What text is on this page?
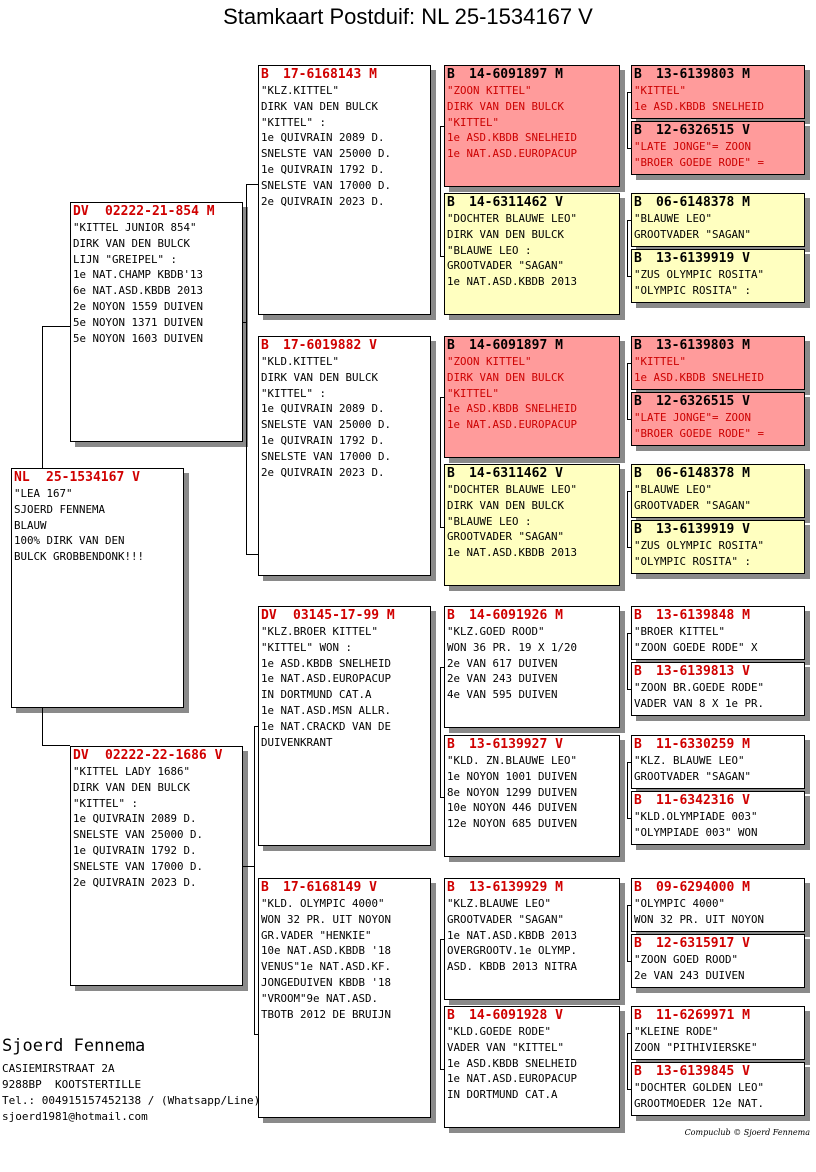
Stamkaart Postduif: NL 25-1534167 V
NL	25-1534167 V
"LEA 167"
SJOERD FENNEMA
BLAUW
100% DIRK VAN DEN
BULCK GROBBENDONK!!!
DV	02222-21-854 M
"KITTEL JUNIOR 854"
DIRK VAN DEN BULCK
LIJN "GREIPEL" :
1e NAT.CHAMP KBDB'13
6e NAT.ASD.KBDB 2013
2e NOYON 1559 DUIVEN
5e NOYON 1371 DUIVEN
5e NOYON 1603 DUIVEN
DV	02222-22-1686 V
"KITTEL LADY 1686"
DIRK VAN DEN BULCK
"KITTEL" :
1e QUIVRAIN 2089 D.
SNELSTE VAN 25000 D.
1e QUIVRAIN 1792 D.
SNELSTE VAN 17000 D.
2e QUIVRAIN 2023 D.
B	17-6168143 M
"KLZ.KITTEL"
DIRK VAN DEN BULCK
"KITTEL" :
1e QUIVRAIN 2089 D.
SNELSTE VAN 25000 D.
1e QUIVRAIN 1792 D.
SNELSTE VAN 17000 D.
2e QUIVRAIN 2023 D.
B	17-6019882 V
"KLD.KITTEL"
DIRK VAN DEN BULCK
"KITTEL" :
1e QUIVRAIN 2089 D.
SNELSTE VAN 25000 D.
1e QUIVRAIN 1792 D.
SNELSTE VAN 17000 D.
2e QUIVRAIN 2023 D.
DV	03145-17-99 M
"KLZ.BROER KITTEL"
"KITTEL" WON :
1e ASD.KBDB SNELHEID
1e NAT.ASD.EUROPACUP
IN DORTMUND CAT.A
1e NAT.ASD.MSN ALLR.
1e NAT.CRACKD VAN DE
DUIVENKRANT
B	17-6168149 V
"KLD. OLYMPIC 4000"
WON 32 PR. UIT NOYON
GR.VADER "HENKIE"
10e NAT.ASD.KBDB '18
VENUS"1e NAT.ASD.KF.
JONGEDUIVEN KBDB '18
"VROOM"9e NAT.ASD.
TBOTB 2012 DE BRUIJN
B	14-6091897 M
"ZOON KITTEL"
DIRK VAN DEN BULCK
"KITTEL"
1e ASD.KBDB SNELHEID
1e NAT.ASD.EUROPACUP
B	14-6311462 V
"DOCHTER BLAUWE LEO"
DIRK VAN DEN BULCK
"BLAUWE LEO :
GROOTVADER "SAGAN"
1e NAT.ASD.KBDB 2013
B	14-6091897 M
"ZOON KITTEL"
DIRK VAN DEN BULCK
"KITTEL"
1e ASD.KBDB SNELHEID
1e NAT.ASD.EUROPACUP
B	14-6311462 V
"DOCHTER BLAUWE LEO"
DIRK VAN DEN BULCK
"BLAUWE LEO :
GROOTVADER "SAGAN"
1e NAT.ASD.KBDB 2013
B	14-6091926 M
"KLZ.GOED ROOD"
WON 36 PR. 19 X 1/20
2e VAN 617 DUIVEN
2e VAN 243 DUIVEN
4e VAN 595 DUIVEN
B	13-6139927 V
"KLD. ZN.BLAUWE LEO"
1e NOYON 1001 DUIVEN
8e NOYON 1299 DUIVEN
10e NOYON 446 DUIVEN
12e NOYON 685 DUIVEN
B	13-6139929 M
"KLZ.BLAUWE LEO"
GROOTVADER "SAGAN"
1e NAT.ASD.KBDB 2013
OVERGROOTV.1e OLYMP.
ASD. KBDB 2013 NITRA
B	14-6091928 V
"KLD.GOEDE RODE"
VADER VAN "KITTEL"
1e ASD.KBDB SNELHEID
1e NAT.ASD.EUROPACUP
IN DORTMUND CAT.A
B	13-6139803 M
"KITTEL"
1e ASD.KBDB SNELHEID
B	12-6326515 V
"LATE JONGE"= ZOON
"BROER GOEDE RODE" =
B	06-6148378 M
"BLAUWE LEO"
GROOTVADER "SAGAN"
B	13-6139919 V
"ZUS OLYMPIC ROSITA"
"OLYMPIC ROSITA" :
B	13-6139803 M
"KITTEL"
1e ASD.KBDB SNELHEID
B	12-6326515 V
"LATE JONGE"= ZOON
"BROER GOEDE RODE" =
B	06-6148378 M
"BLAUWE LEO"
GROOTVADER "SAGAN"
B	13-6139919 V
"ZUS OLYMPIC ROSITA"
"OLYMPIC ROSITA" :
B	13-6139848 M
"BROER KITTEL"
"ZOON GOEDE RODE" X
B	13-6139813 V
"ZOON BR.GOEDE RODE"
VADER VAN 8 X 1e PR.
B	11-6330259 M
"KLZ. BLAUWE LEO"
GROOTVADER "SAGAN"
B	11-6342316 V
"KLD.OLYMPIADE 003"
"OLYMPIADE 003" WON
B	09-6294000 M
"OLYMPIC 4000"
WON 32 PR. UIT NOYON
B	12-6315917 V
"ZOON GOED ROOD"
2e VAN 243 DUIVEN
B	11-6269971 M
"KLEINE RODE"
ZOON "PITHIVIERSKE"
B	13-6139845 V
"DOCHTER GOLDEN LEO"
GROOTMOEDER 12e NAT.
Sjoerd Fennema
CASIEMIRSTRAAT 2A
9288BP  KOOTSTERTILLE
Tel.: 004915157452138 / (Whatsapp/Line)
sjoerd1981@hotmail.com
Compuclub © Sjoerd Fennema
